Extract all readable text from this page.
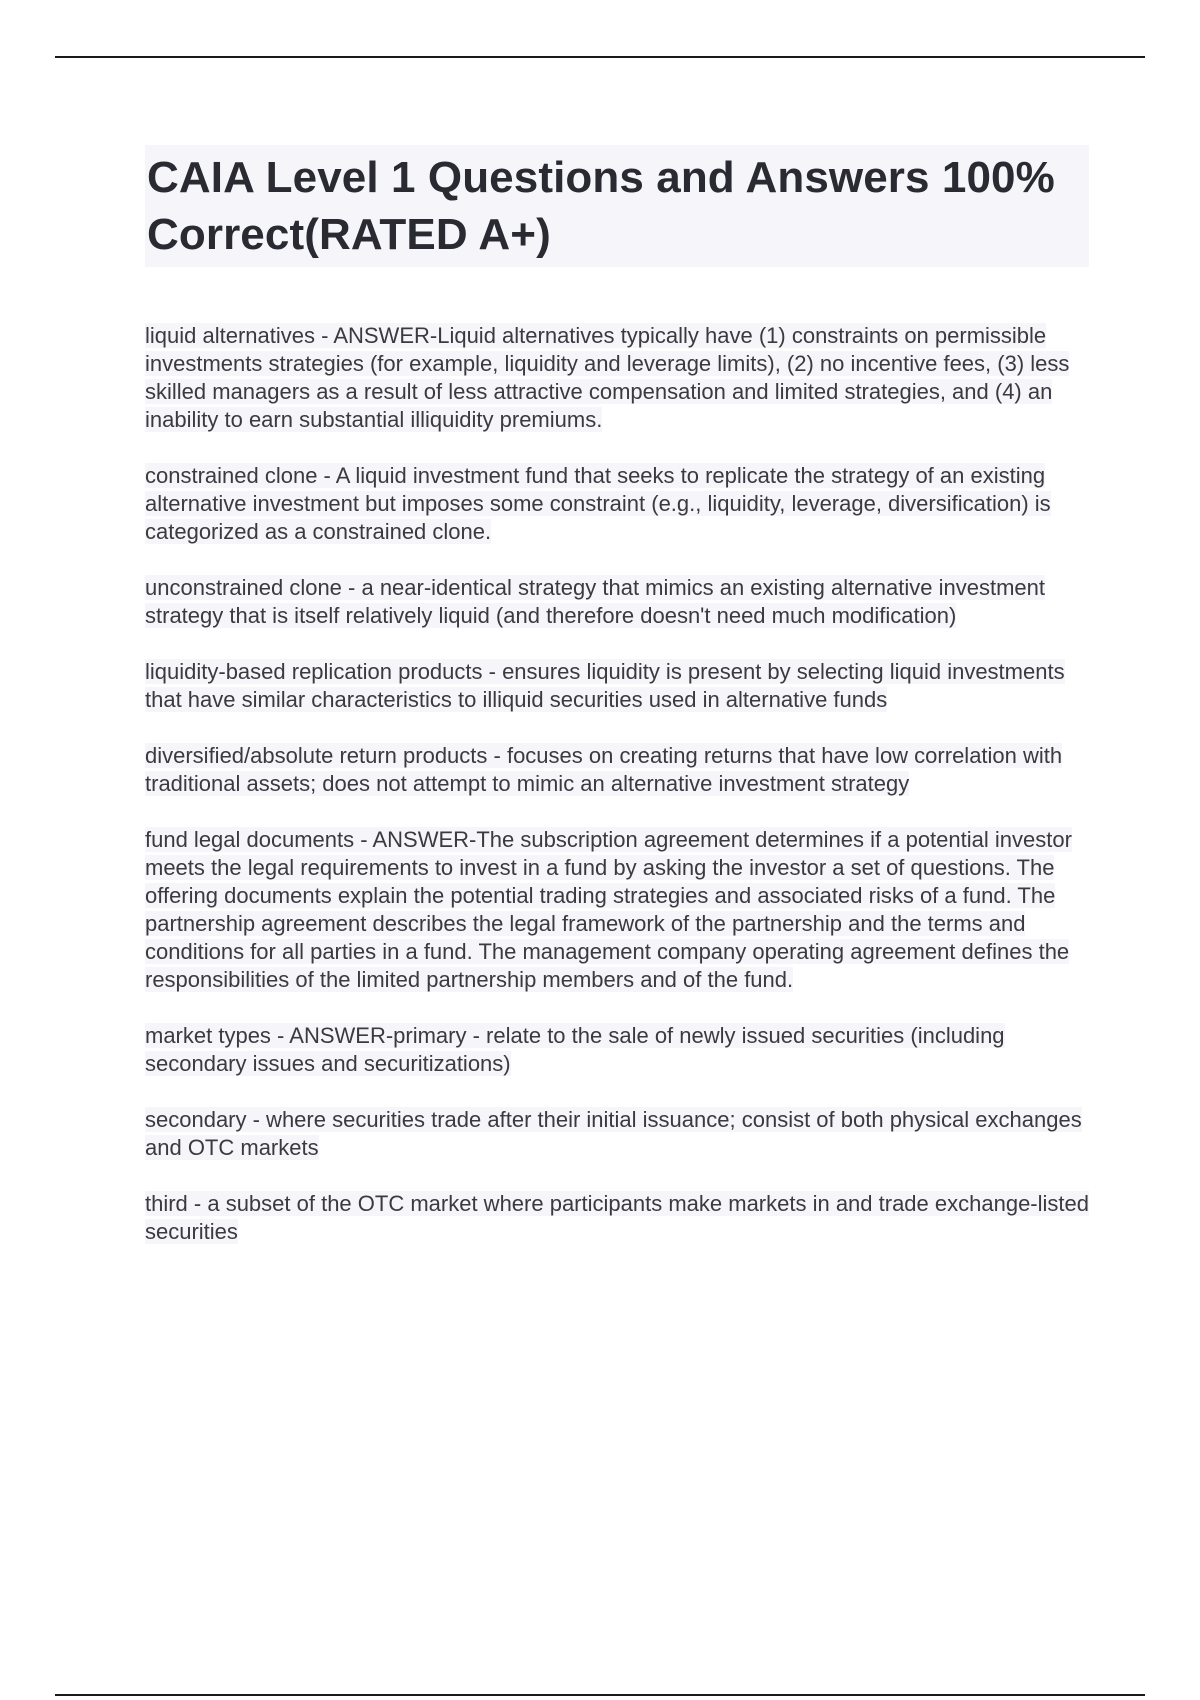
CAIA Level 1 Questions and Answers 100% Correct(RATED A+)

liquid alternatives - ANSWER-Liquid alternatives typically have (1) constraints on permissible investments strategies (for example, liquidity and leverage limits), (2) no incentive fees, (3) less skilled managers as a result of less attractive compensation and limited strategies, and (4) an inability to earn substantial illiquidity premiums.

constrained clone - A liquid investment fund that seeks to replicate the strategy of an existing alternative investment but imposes some constraint (e.g., liquidity, leverage, diversification) is categorized as a constrained clone.

unconstrained clone - a near-identical strategy that mimics an existing alternative investment strategy that is itself relatively liquid (and therefore doesn't need much modification)

liquidity-based replication products - ensures liquidity is present by selecting liquid investments that have similar characteristics to illiquid securities used in alternative funds

diversified/absolute return products - focuses on creating returns that have low correlation with traditional assets; does not attempt to mimic an alternative investment strategy

fund legal documents - ANSWER-The subscription agreement determines if a potential investor meets the legal requirements to invest in a fund by asking the investor a set of questions. The offering documents explain the potential trading strategies and associated risks of a fund. The partnership agreement describes the legal framework of the partnership and the terms and conditions for all parties in a fund. The management company operating agreement defines the responsibilities of the limited partnership members and of the fund.

market types - ANSWER-primary - relate to the sale of newly issued securities (including secondary issues and securitizations)

secondary - where securities trade after their initial issuance; consist of both physical exchanges and OTC markets

third - a subset of the OTC market where participants make markets in and trade exchange-listed securities
